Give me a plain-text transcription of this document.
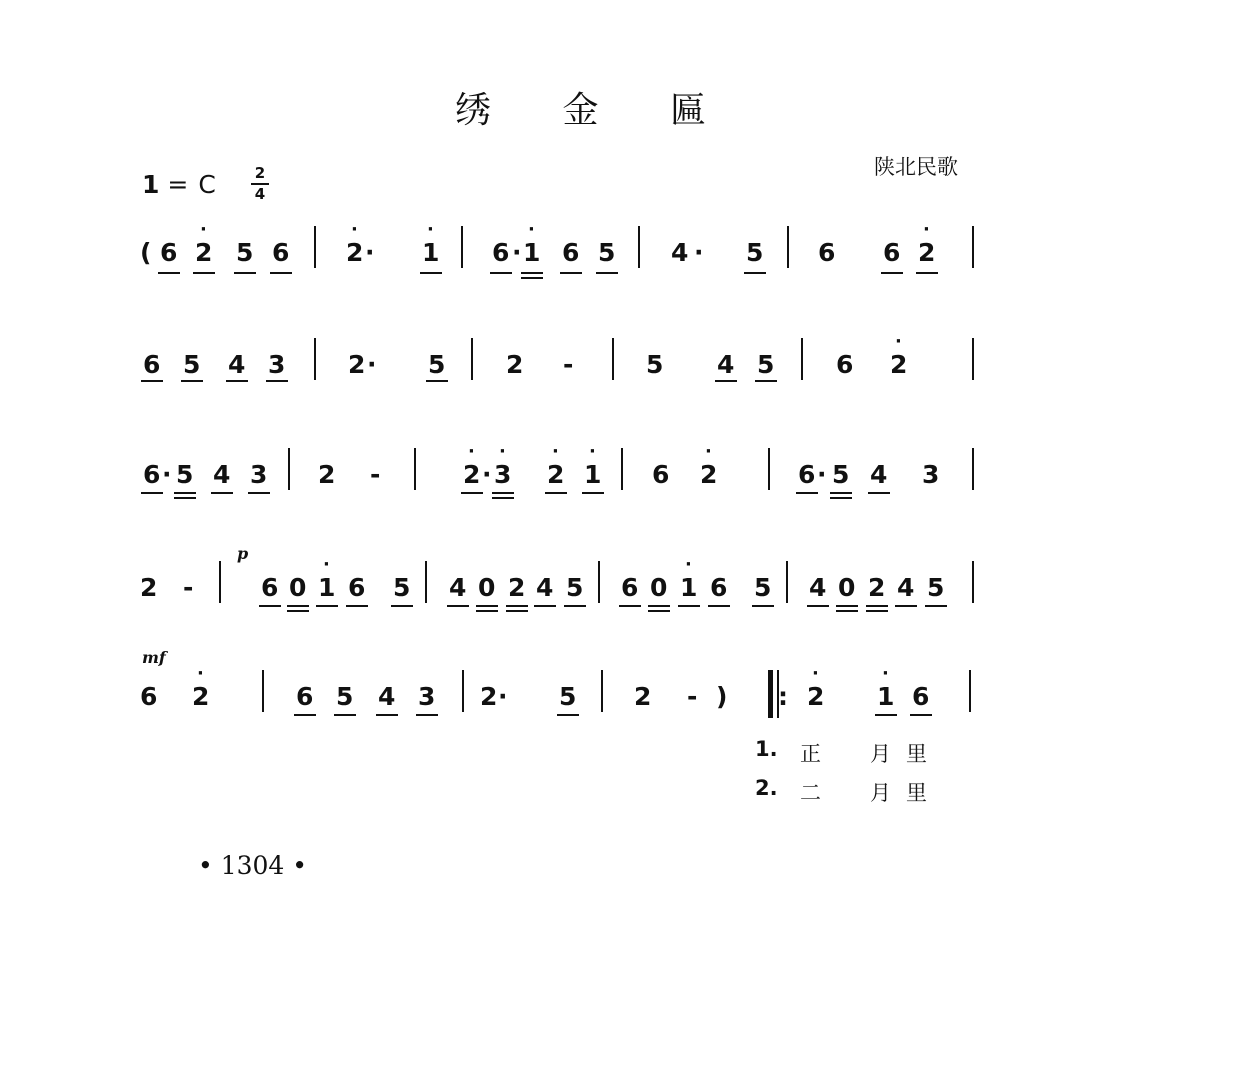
绣 金 匾
陕北民歌
1 = C	2
4
( 6 2
·
5 6 2
·
· 1
·
6 · 1
·
6 5 4 · 5 6 6 2
·
6 5 4 3	2 · 5 2 -	5 4 5 6 2
·
6 · 5 4 3 2 -	2
·
· 3
·
2
·
1
·
6 2
·
6 · 5 4 3
2 -	6 0 1
·
6 5 4 0 2 4 5 6 0 1
·
6 5 4 0 2 4 5
6 2
·
6 5 4 3 2 · 5 2 - ) : 2
·
1
·
6
p
mf
1. 正 月 里
2. 二 月 里
• 1304 •
